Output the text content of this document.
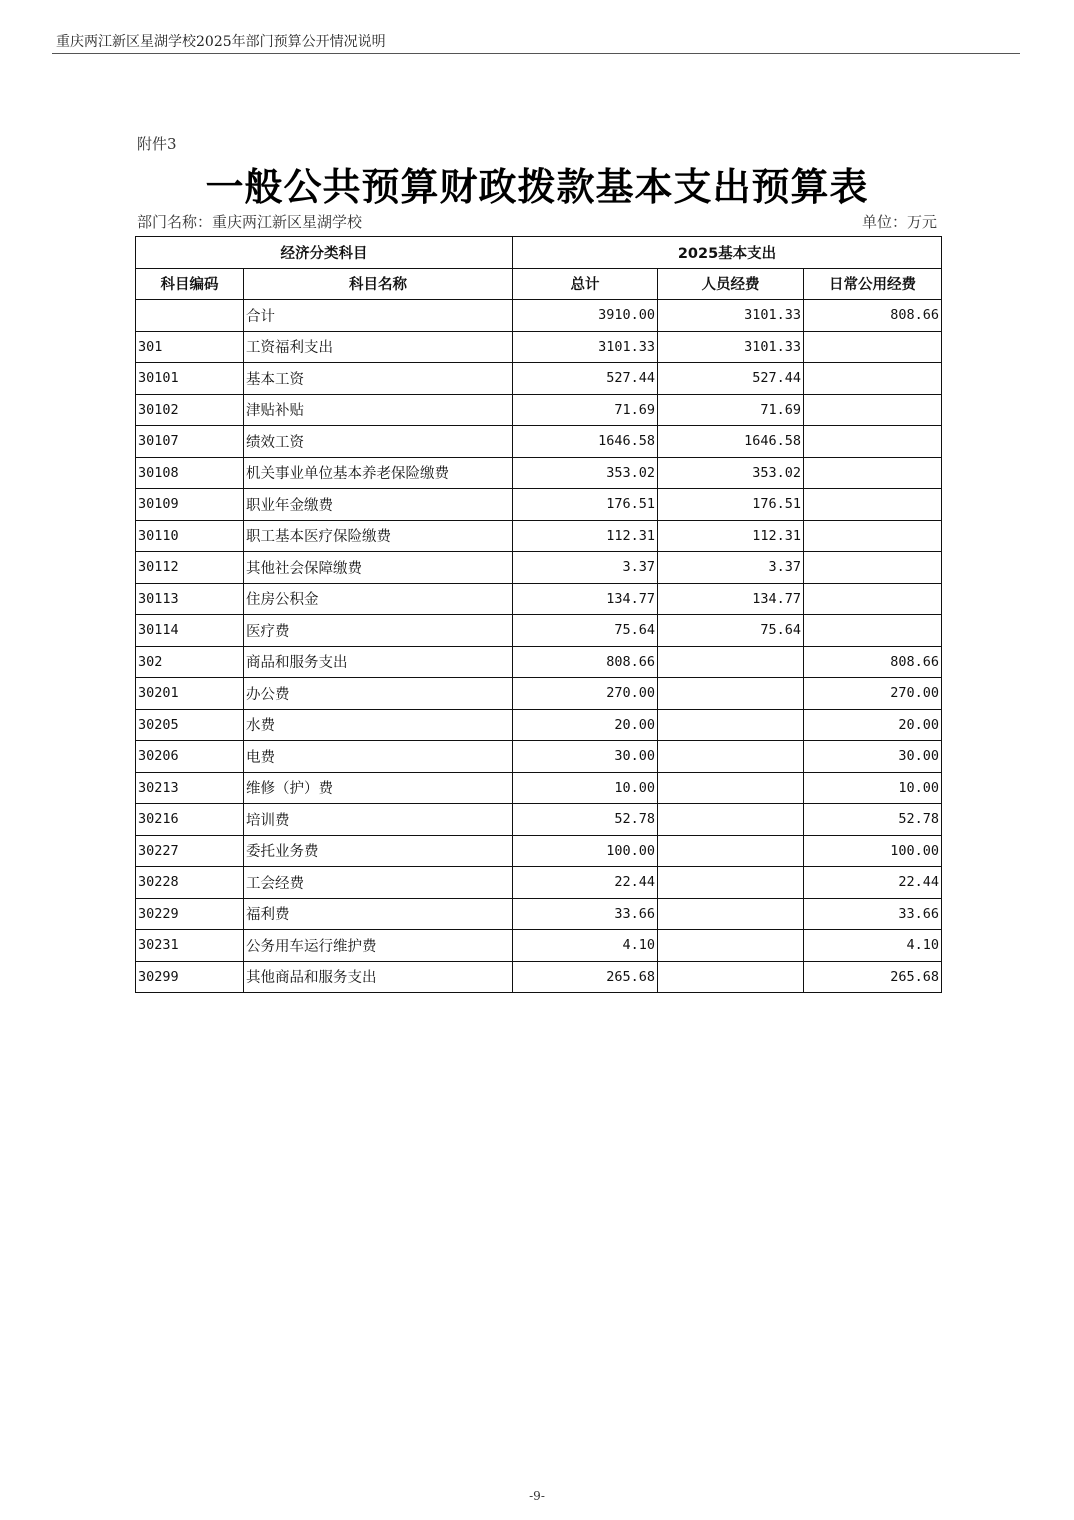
重庆两江新区星湖学校2025年部门预算公开情况说明
附件3
一般公共预算财政拨款基本支出预算表
部门名称：重庆两江新区星湖学校	单位：万元
经济分类科目		2025基本支出		
科目编码	科目名称	总计	人员经费	日常公用经费
	合计	3910.00	3101.33	808.66
301	工资福利支出	3101.33	3101.33	
30101	基本工资	527.44	527.44	
30102	津贴补贴	71.69	71.69	
30107	绩效工资	1646.58	1646.58	
30108	机关事业单位基本养老保险缴费	353.02	353.02	
30109	职业年金缴费	176.51	176.51	
30110	职工基本医疗保险缴费	112.31	112.31	
30112	其他社会保障缴费	3.37	3.37	
30113	住房公积金	134.77	134.77	
30114	医疗费	75.64	75.64	
302	商品和服务支出	808.66		808.66
30201	办公费	270.00		270.00
30205	水费	20.00		20.00
30206	电费	30.00		30.00
30213	维修（护）费	10.00		10.00
30216	培训费	52.78		52.78
30227	委托业务费	100.00		100.00
30228	工会经费	22.44		22.44
30229	福利费	33.66		33.66
30231	公务用车运行维护费	4.10		4.10
30299	其他商品和服务支出	265.68		265.68
-9-
